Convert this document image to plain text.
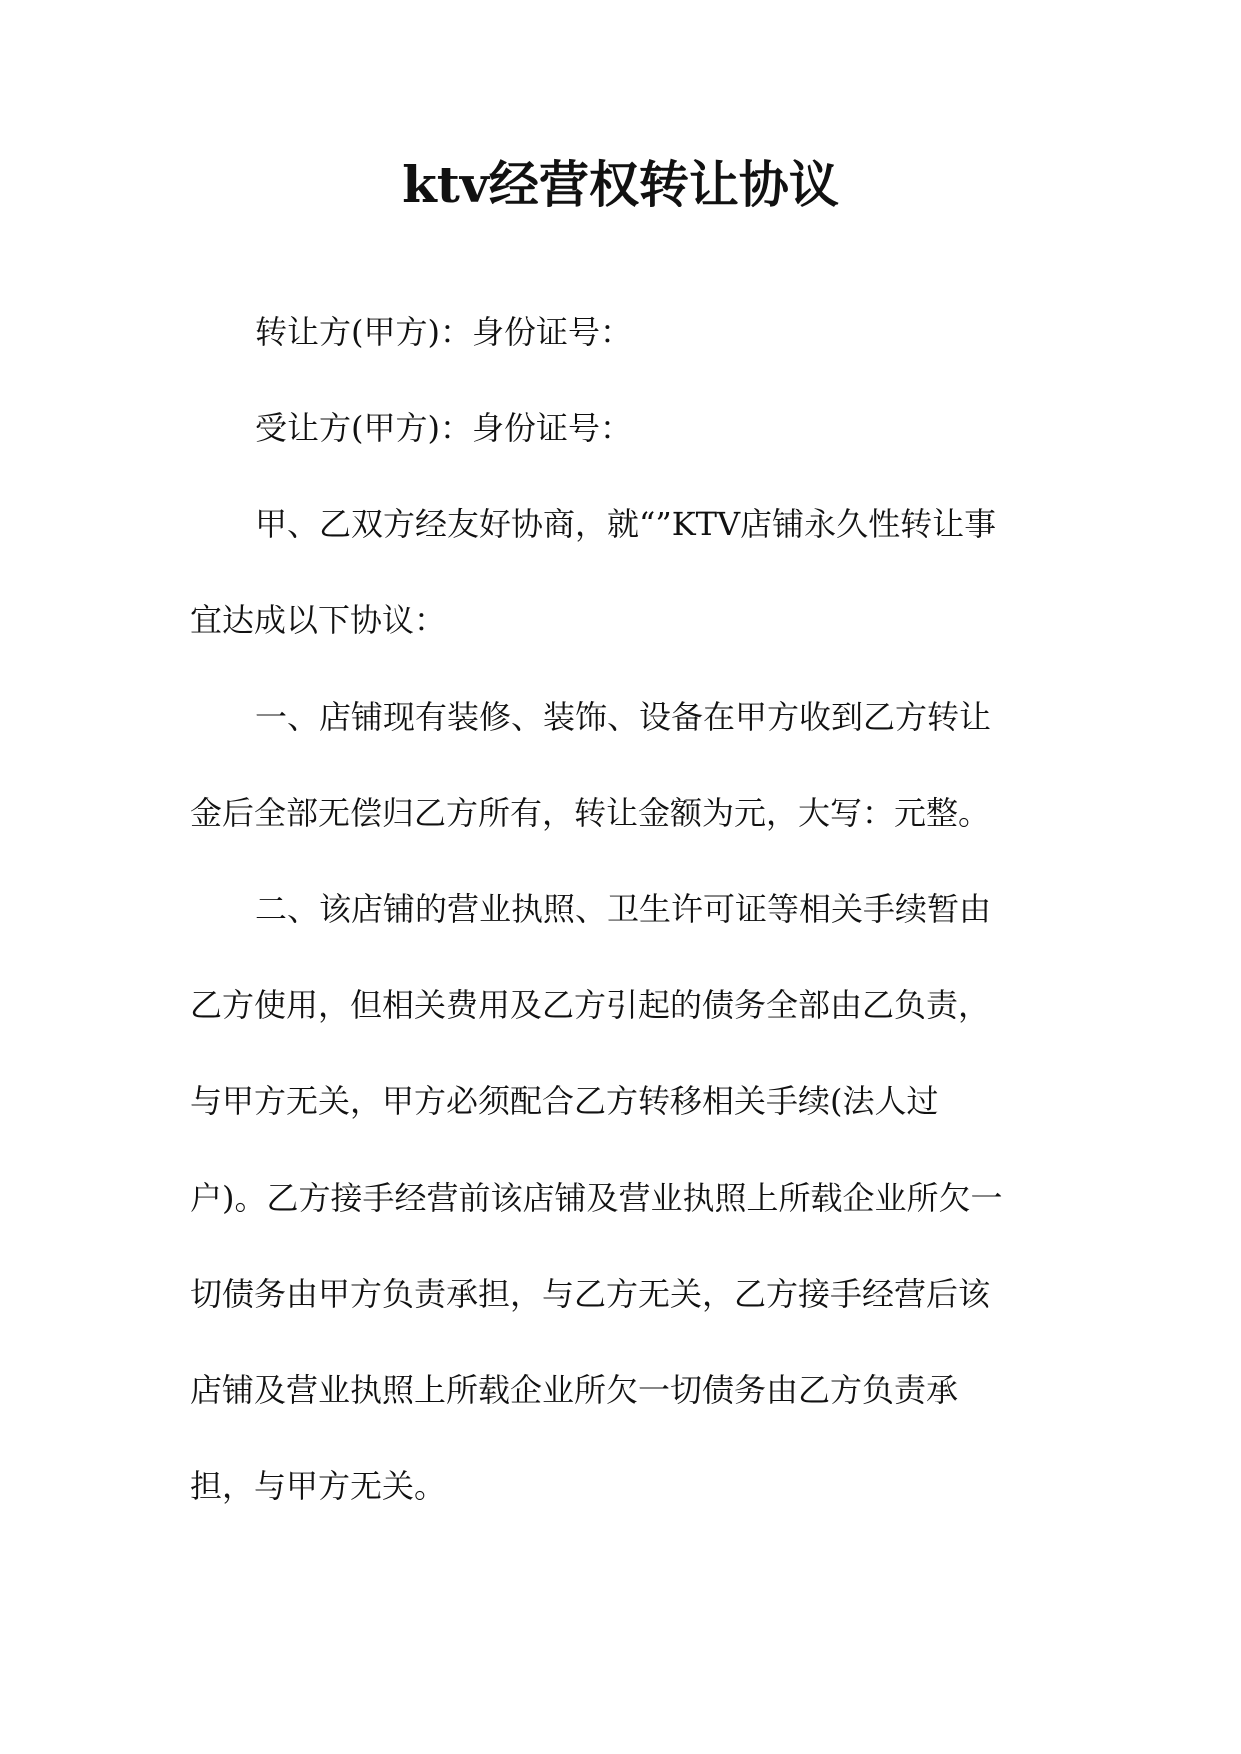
ktv经营权转让协议
转让方(甲方)：身份证号：
受让方(甲方)：身份证号：
甲、乙双方经友好协商，就“”KTV店铺永久性转让事
宜达成以下协议：
一、店铺现有装修、装饰、设备在甲方收到乙方转让
金后全部无偿归乙方所有，转让金额为元，大写：元整。
二、该店铺的营业执照、卫生许可证等相关手续暂由
乙方使用，但相关费用及乙方引起的债务全部由乙负责，
与甲方无关，甲方必须配合乙方转移相关手续(法人过
户)。乙方接手经营前该店铺及营业执照上所载企业所欠一
切债务由甲方负责承担，与乙方无关，乙方接手经营后该
店铺及营业执照上所载企业所欠一切债务由乙方负责承
担，与甲方无关。
